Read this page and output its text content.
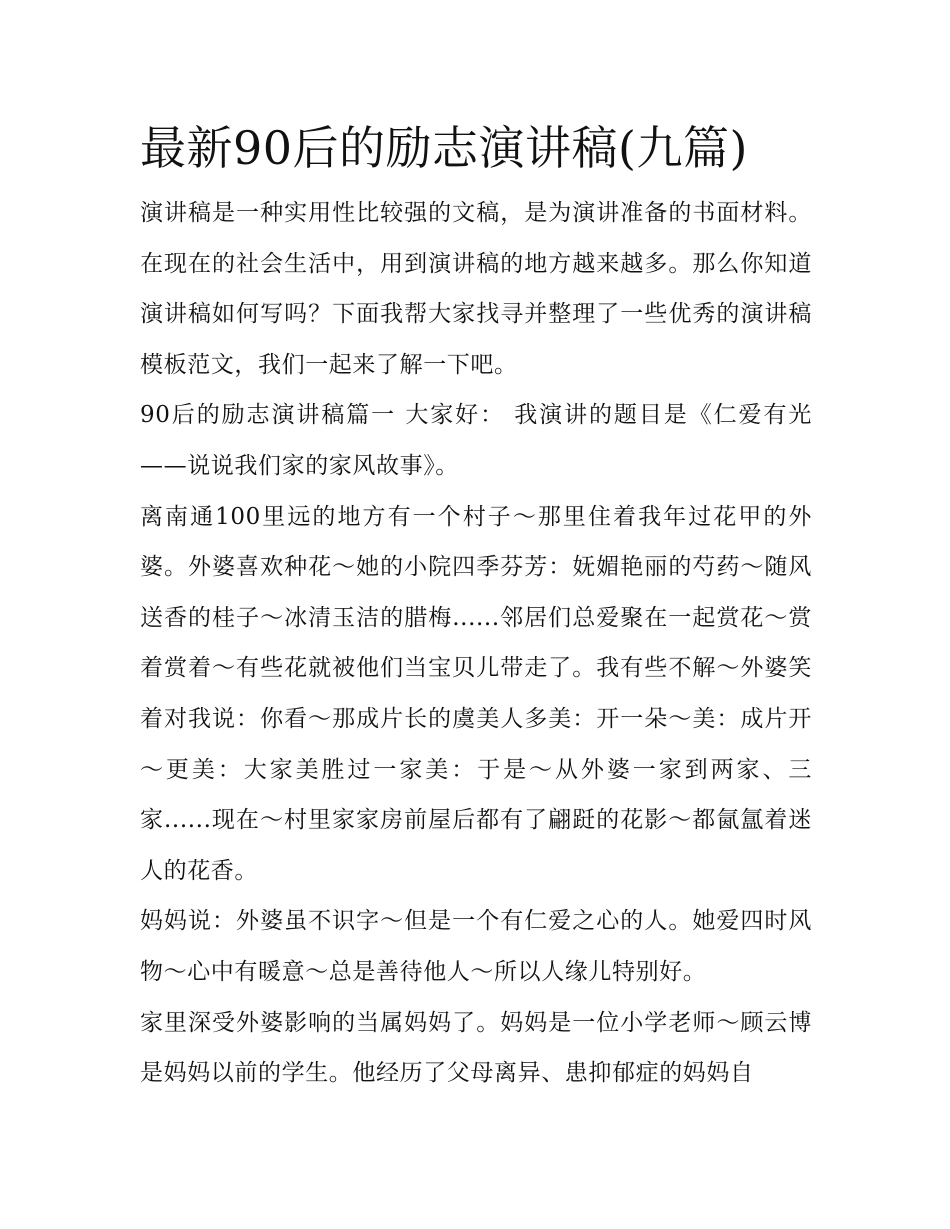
最新90后的励志演讲稿(九篇)

演讲稿是一种实用性比较强的文稿，是为演讲准备的书面材料。在现在的社会生活中，用到演讲稿的地方越来越多。那么你知道演讲稿如何写吗？下面我帮大家找寻并整理了一些优秀的演讲稿模板范文，我们一起来了解一下吧。

90后的励志演讲稿篇一 大家好： 我演讲的题目是《仁爱有光——说说我们家的家风故事》。

离南通100里远的地方有一个村子～那里住着我年过花甲的外婆。外婆喜欢种花～她的小院四季芬芳：妩媚艳丽的芍药～随风送香的桂子～冰清玉洁的腊梅......邻居们总爱聚在一起赏花～赏着赏着～有些花就被他们当宝贝儿带走了。我有些不解～外婆笑着对我说：你看～那成片长的虞美人多美：开一朵～美：成片开～更美：大家美胜过一家美：于是～从外婆一家到两家、三家......现在～村里家家房前屋后都有了翩跹的花影～都氤氲着迷人的花香。

妈妈说：外婆虽不识字～但是一个有仁爱之心的人。她爱四时风物～心中有暖意～总是善待他人～所以人缘儿特别好。

家里深受外婆影响的当属妈妈了。妈妈是一位小学老师～顾云博是妈妈以前的学生。他经历了父母离异、患抑郁症的妈妈自
